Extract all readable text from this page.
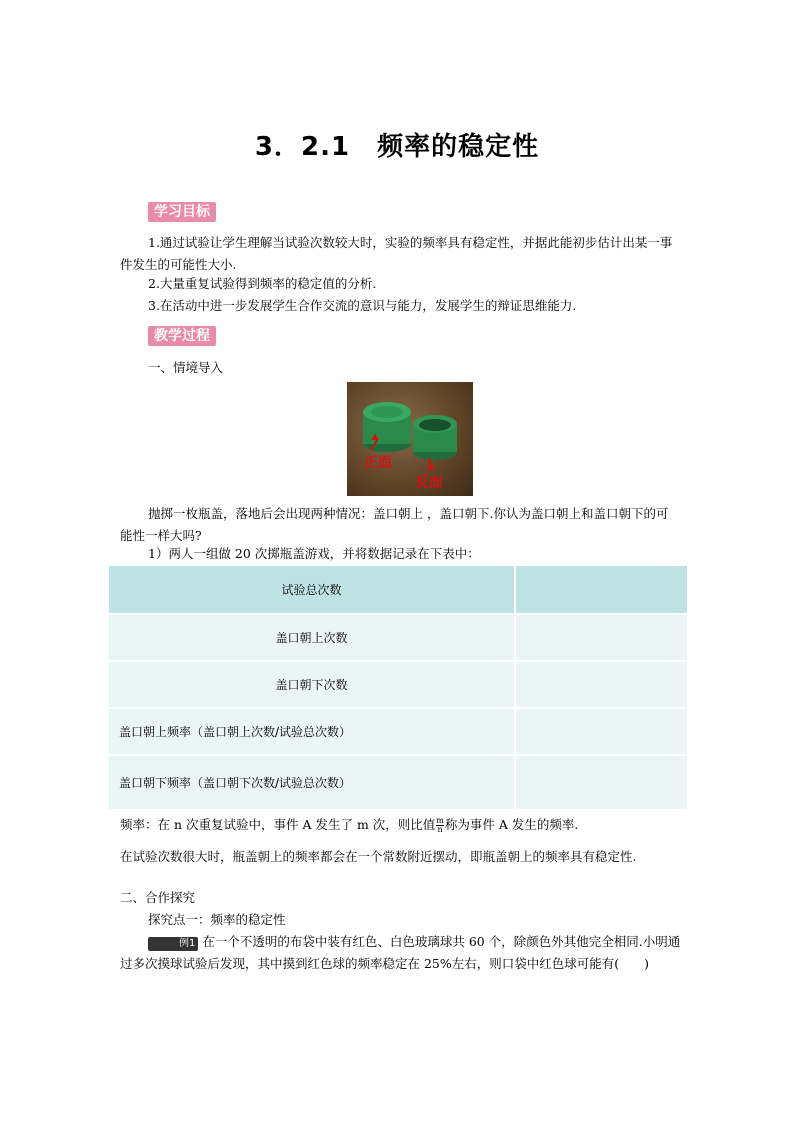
3．2.1　频率的稳定性
学习目标
1.通过试验让学生理解当试验次数较大时，实验的频率具有稳定性，并据此能初步估计出某一事件发生的可能性大小.
2.大量重复试验得到频率的稳定值的分析.
3.在活动中进一步发展学生合作交流的意识与能力，发展学生的辩证思维能力.
教学过程
一、情境导入
正面
反面
抛掷一枚瓶盖，落地后会出现两种情况：盖口朝上 ，盖口朝下.你认为盖口朝上和盖口朝下的可能性一样大吗?
1）两人一组做 20 次掷瓶盖游戏，并将数据记录在下表中：
试验总次数	
盖口朝上次数	
盖口朝下次数	
盖口朝上频率（盖口朝上次数/试验总次数）	
盖口朝下频率（盖口朝下次数/试验总次数）	
频率：在 n 次重复试验中，事件 A 发生了 m 次，则比值 $\frac{m}{n}$ 称为事件 A 发生的频率.
在试验次数很大时，瓶盖朝上的频率都会在一个常数附近摆动，即瓶盖朝上的频率具有稳定性.
二、合作探究
探究点一：频率的稳定性
例1 在一个不透明的布袋中装有红色、白色玻璃球共 60 个，除颜色外其他完全相同.小明通过多次摸球试验后发现，其中摸到红色球的频率稳定在 25%左右，则口袋中红色球可能有(　　)
